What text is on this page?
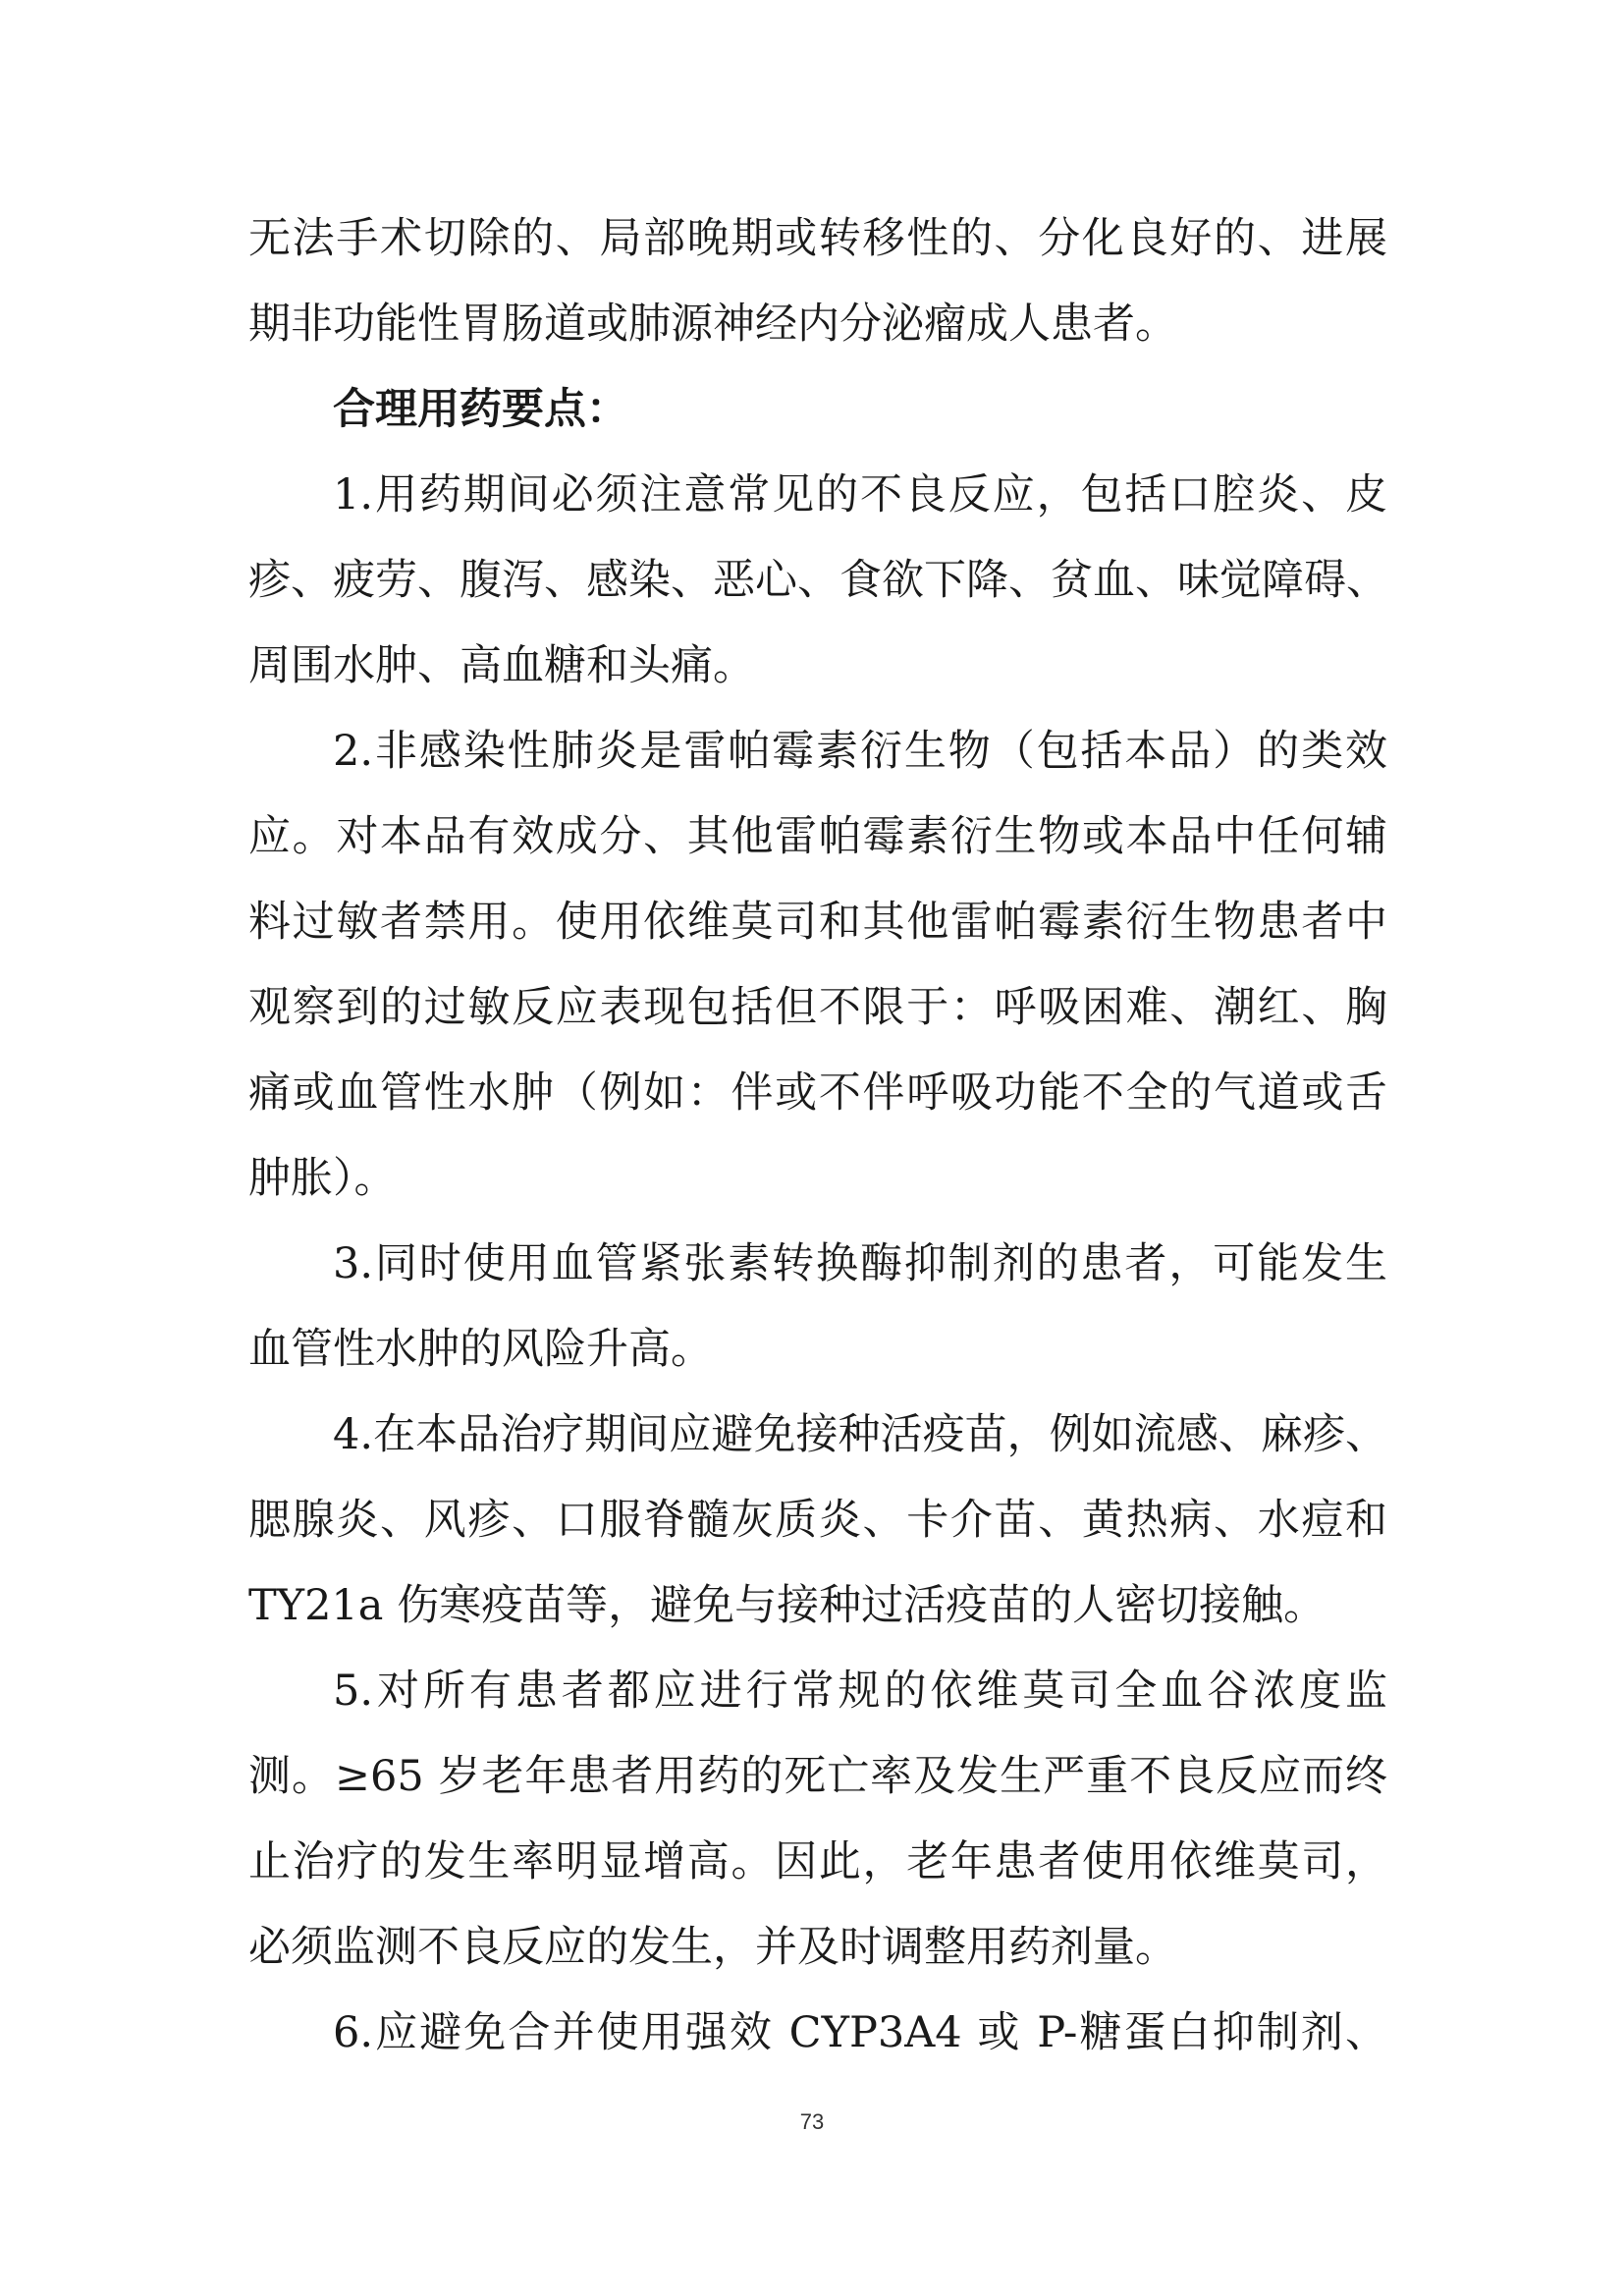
无法手术切除的、局部晚期或转移性的、分化良好的、进展
期非功能性胃肠道或肺源神经内分泌瘤成人患者。
合理用药要点：
1.用药期间必须注意常见的不良反应，包括口腔炎、皮
疹、疲劳、腹泻、感染、恶心、食欲下降、贫血、味觉障碍、
周围水肿、高血糖和头痛。
2.非感染性肺炎是雷帕霉素衍生物（包括本品）的类效
应。对本品有效成分、其他雷帕霉素衍生物或本品中任何辅
料过敏者禁用。使用依维莫司和其他雷帕霉素衍生物患者中
观察到的过敏反应表现包括但不限于：呼吸困难、潮红、胸
痛或血管性水肿（例如：伴或不伴呼吸功能不全的气道或舌
肿胀）。
3.同时使用血管紧张素转换酶抑制剂的患者，可能发生
血管性水肿的风险升高。
4.在本品治疗期间应避免接种活疫苗，例如流感、麻疹、
腮腺炎、风疹、口服脊髓灰质炎、卡介苗、黄热病、水痘和
TY21a 伤寒疫苗等，避免与接种过活疫苗的人密切接触。
5.对所有患者都应进行常规的依维莫司全血谷浓度监
测。≥65 岁老年患者用药的死亡率及发生严重不良反应而终
止治疗的发生率明显增高。因此，老年患者使用依维莫司，
必须监测不良反应的发生，并及时调整用药剂量。
6.应避免合并使用强效 CYP3A4 或 P-糖蛋白抑制剂、
73
